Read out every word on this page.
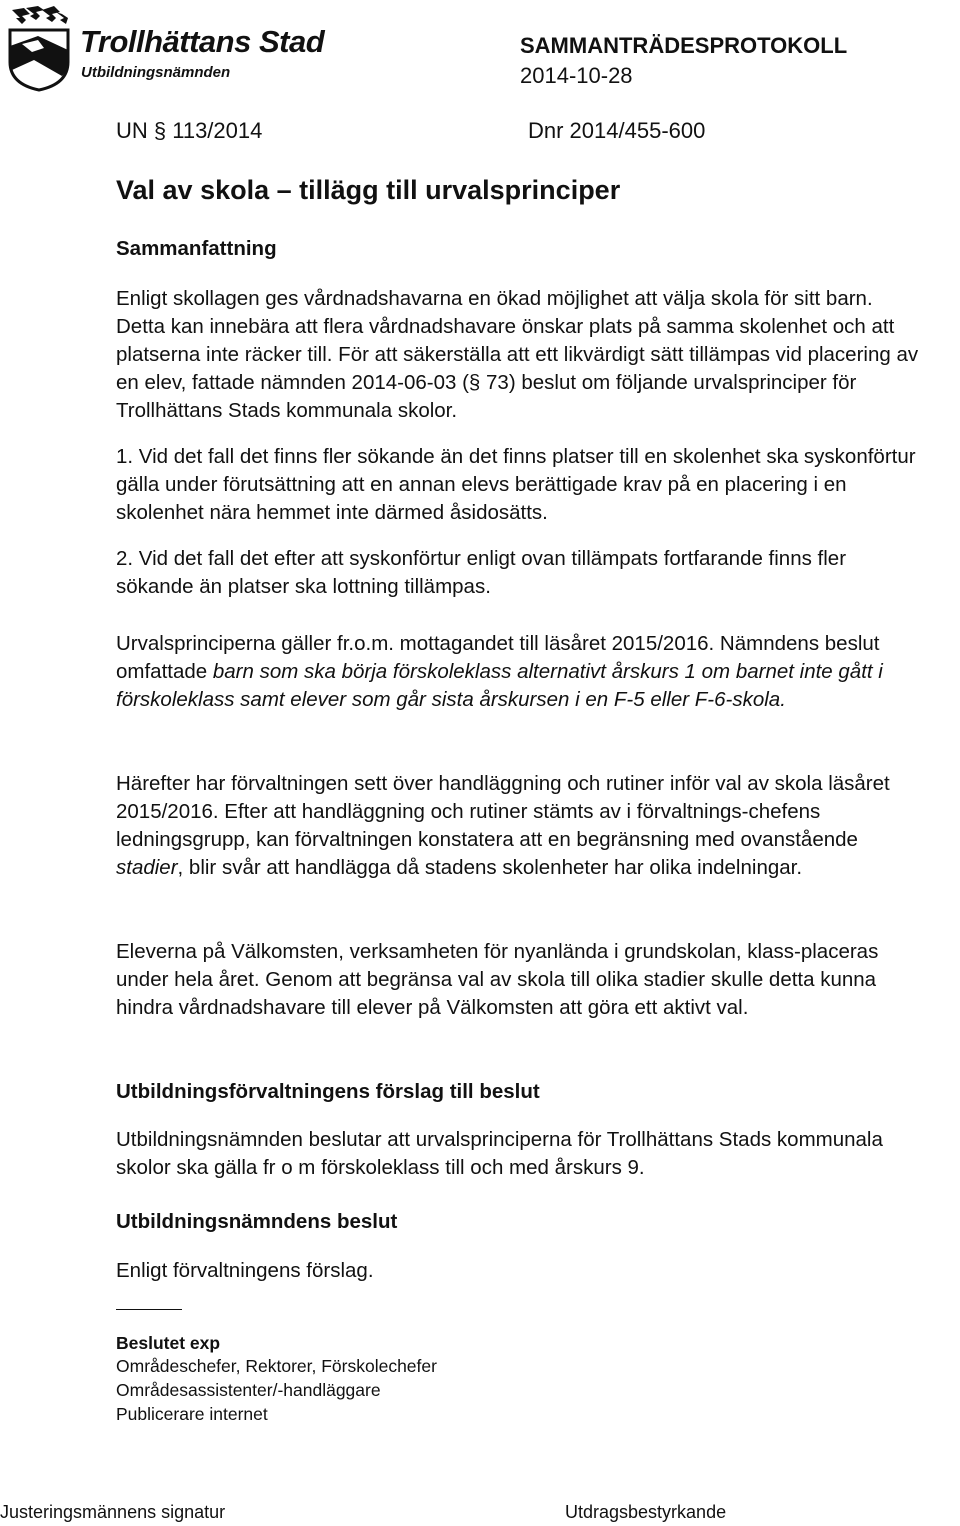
Trollhättans Stad
Utbildningsnämnden
SAMMANTRÄDESPROTOKOLL
2014-10-28
UN § 113/2014	Dnr 2014/455-600
Val av skola – tillägg till urvalsprinciper
Sammanfattning

Enligt skollagen ges vårdnadshavarna en ökad möjlighet att välja skola för sitt barn. Detta kan innebära att flera vårdnadshavare önskar plats på samma skolenhet och att platserna inte räcker till. För att säkerställa att ett likvärdigt sätt tillämpas vid placering av en elev, fattade nämnden 2014-06-03 (§ 73) beslut om följande urvalsprinciper för Trollhättans Stads kommunala skolor.

1. Vid det fall det finns fler sökande än det finns platser till en skolenhet ska syskonförtur gälla under förutsättning att en annan elevs berättigade krav på en placering i en skolenhet nära hemmet inte därmed åsidosätts.

2. Vid det fall det efter att syskonförtur enligt ovan tillämpats fortfarande finns fler sökande än platser ska lottning tillämpas.

Urvalsprinciperna gäller fr.o.m. mottagandet till läsåret 2015/2016. Nämndens beslut omfattade barn som ska börja förskoleklass alternativt årskurs 1 om barnet inte gått i förskoleklass samt elever som går sista årskursen i en F-5 eller F-6-skola.

Härefter har förvaltningen sett över handläggning och rutiner inför val av skola läsåret 2015/2016. Efter att handläggning och rutiner stämts av i förvaltnings-chefens ledningsgrupp, kan förvaltningen konstatera att en begränsning med ovanstående stadier, blir svår att handlägga då stadens skolenheter har olika indelningar.

Eleverna på Välkomsten, verksamheten för nyanlända i grundskolan, klass-placeras under hela året. Genom att begränsa val av skola till olika stadier skulle detta kunna hindra vårdnadshavare till elever på Välkomsten att göra ett aktivt val.

Utbildningsförvaltningens förslag till beslut

Utbildningsnämnden beslutar att urvalsprinciperna för Trollhättans Stads kommunala skolor ska gälla fr o m förskoleklass till och med årskurs 9.

Utbildningsnämndens beslut

Enligt förvaltningens förslag.

Beslutet exp
Områdeschefer, Rektorer, Förskolechefer
Områdesassistenter/-handläggare
Publicerare internet
Justeringsmännens signatur	Utdragsbestyrkande
